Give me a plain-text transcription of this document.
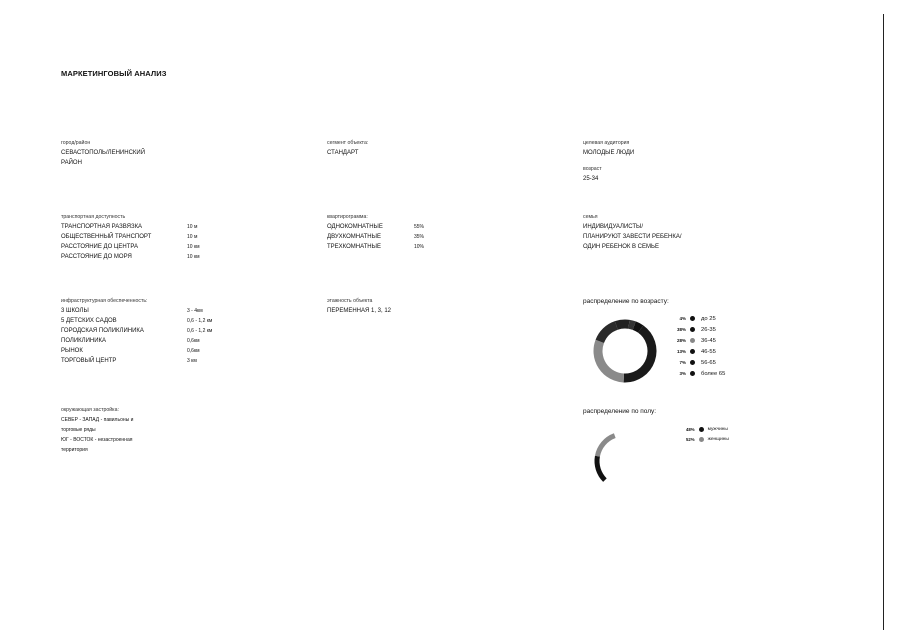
МАРКЕТИНГОВЫЙ АНАЛИЗ
город/район
СЕВАСТОПОЛЬ/ЛЕНИНСКИЙ
РАЙОН
сегмент объекта:
СТАНДАРТ
целевая аудитория
МОЛОДЫЕ ЛЮДИ
возраст
25-34
транспортная доступность
ТРАНСПОРТНАЯ РАЗВЯЗКА	10 м
ОБЩЕСТВЕННЫЙ ТРАНСПОРТ	10 м
РАССТОЯНИЕ ДО ЦЕНТРА	10 км
РАССТОЯНИЕ ДО МОРЯ	10 км
квартирограмма:
ОДНОКОМНАТНЫЕ	55%
ДВУХКОМНАТНЫЕ	35%
ТРЕХКОМНАТНЫЕ	10%
семья
ИНДИВИДУАЛИСТЫ/
ПЛАНИРУЮТ ЗАВЕСТИ РЕБЕНКА/
ОДИН РЕБЕНОК В СЕМЬЕ
инфраструктурная обеспеченность:
3 ШКОЛЫ	3 - 4км
5 ДЕТСКИХ САДОВ	0,6 - 1,2 км
ГОРОДСКАЯ ПОЛИКЛИНИКА	0,6 - 1,2 км
ПОЛИКЛИНИКА	0,6км
РЫНОК	0,6км
ТОРГОВЫЙ ЦЕНТР	3 км
этажность объекта
ПЕРЕМЕННАЯ 1, 3, 12
окружающая застройка:
СЕВЕР - ЗАПАД - павильоны и
торговые ряды
ЮГ - ВОСТОК - незастроенная
территория
распределение по возрасту:
4%	до 25
38%	26-35
28%	36-45
13%	46-55
7%	56-65
3%	более 65
распределение по полу:
48%	мужчины
52%	женщины
